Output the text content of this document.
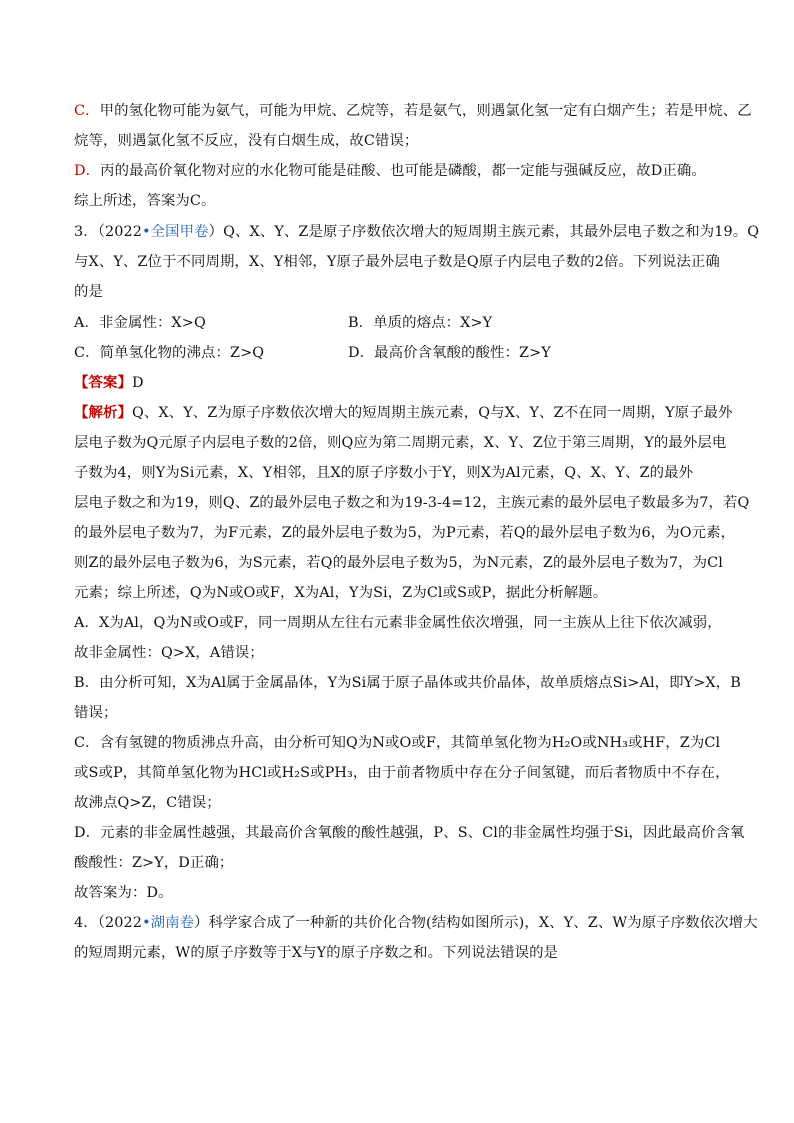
C．甲的氢化物可能为氨气，可能为甲烷、乙烷等，若是氨气，则遇氯化氢一定有白烟产生；若是甲烷、乙
烷等，则遇氯化氢不反应，没有白烟生成，故C错误；
D．丙的最高价氧化物对应的水化物可能是硅酸、也可能是磷酸，都一定能与强碱反应，故D正确。
综上所述，答案为C。
3．（2022•全国甲卷）Q、X、Y、Z是原子序数依次增大的短周期主族元素，其最外层电子数之和为19。Q
与X、Y、Z位于不同周期，X、Y相邻，Y原子最外层电子数是Q原子内层电子数的2倍。下列说法正确
的是
A．非金属性：X>Q	B．单质的熔点：X>Y
C．简单氢化物的沸点：Z>Q	D．最高价含氧酸的酸性：Z>Y
【答案】D
【解析】Q、X、Y、Z为原子序数依次增大的短周期主族元素，Q与X、Y、Z不在同一周期，Y原子最外
层电子数为Q元原子内层电子数的2倍，则Q应为第二周期元素，X、Y、Z位于第三周期，Y的最外层电
子数为4，则Y为Si元素，X、Y相邻，且X的原子序数小于Y，则X为Al元素，Q、X、Y、Z的最外
层电子数之和为19，则Q、Z的最外层电子数之和为19-3-4=12，主族元素的最外层电子数最多为7，若Q
的最外层电子数为7，为F元素，Z的最外层电子数为5，为P元素，若Q的最外层电子数为6，为O元素，
则Z的最外层电子数为6，为S元素，若Q的最外层电子数为5，为N元素，Z的最外层电子数为7，为Cl
元素；综上所述，Q为N或O或F，X为Al，Y为Si，Z为Cl或S或P，据此分析解题。
A．X为Al，Q为N或O或F，同一周期从左往右元素非金属性依次增强，同一主族从上往下依次减弱，
故非金属性：Q>X，A错误；
B．由分析可知，X为Al属于金属晶体，Y为Si属于原子晶体或共价晶体，故单质熔点Si>Al，即Y>X，B
错误；
C．含有氢键的物质沸点升高，由分析可知Q为N或O或F，其简单氢化物为H₂O或NH₃或HF，Z为Cl
或S或P，其简单氢化物为HCl或H₂S或PH₃，由于前者物质中存在分子间氢键，而后者物质中不存在，
故沸点Q>Z，C错误；
D．元素的非金属性越强，其最高价含氧酸的酸性越强，P、S、Cl的非金属性均强于Si，因此最高价含氧
酸酸性：Z>Y，D正确；
故答案为：D。
4．（2022•湖南卷）科学家合成了一种新的共价化合物(结构如图所示)，X、Y、Z、W为原子序数依次增大
的短周期元素，W的原子序数等于X与Y的原子序数之和。下列说法错误的是
